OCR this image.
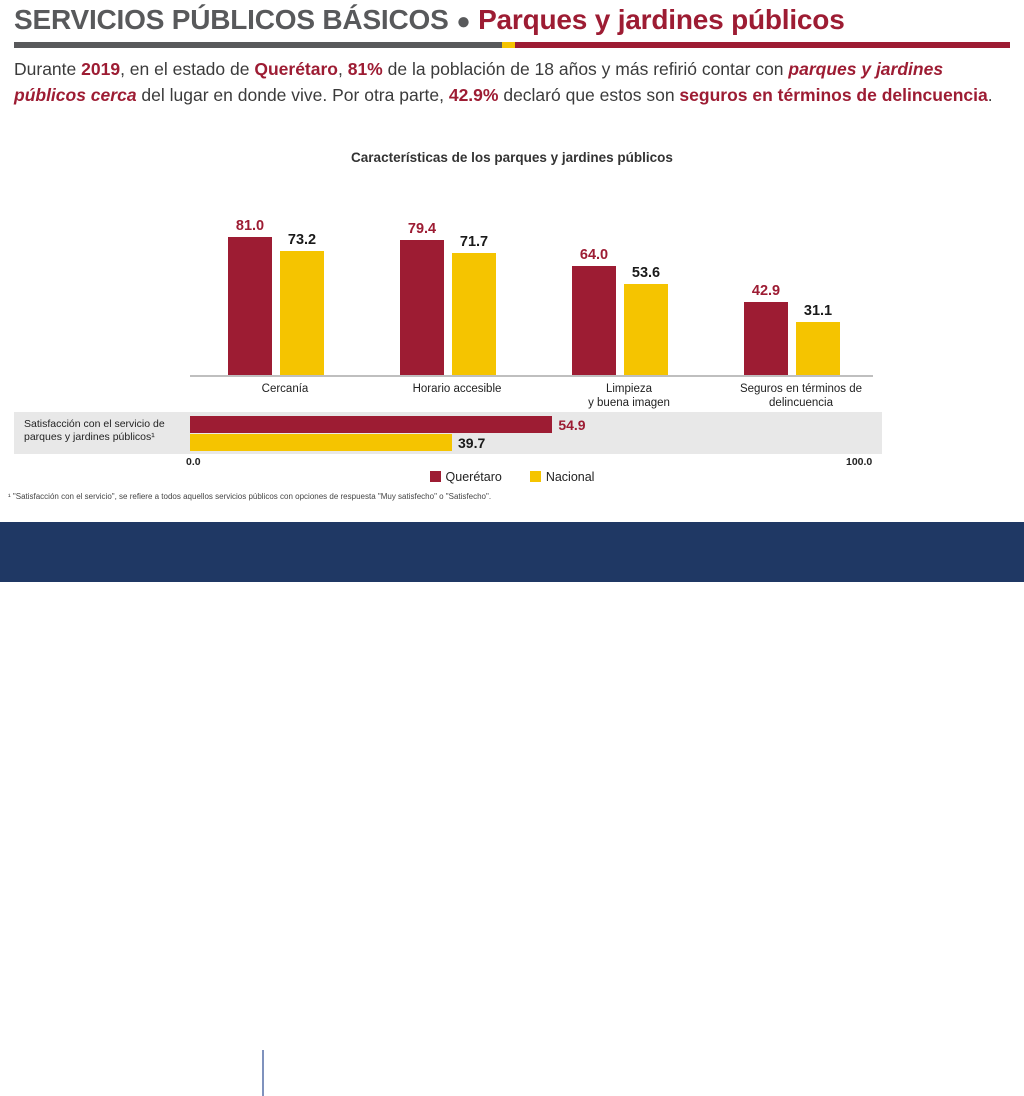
SERVICIOS PÚBLICOS BÁSICOS ● Parques y jardines públicos
Durante 2019, en el estado de Querétaro, 81% de la población de 18 años y más refirió contar con parques y jardines públicos cerca del lugar en donde vive. Por otra parte, 42.9% declaró que estos son seguros en términos de delincuencia.
Características de los parques y jardines públicos
81.0
73.2
79.4
71.7
64.0
53.6
42.9
31.1
Cercanía	Horario accesible	Limpieza
y buena imagen
Seguros en términos de
delincuencia
Satisfacción con el servicio de parques y jardines públicos¹
54.9
39.7
0.0	100.0
Querétaro	Nacional
¹ "Satisfacción con el servicio", se refiere a todos aquellos servicios públicos con opciones de respuesta "Muy satisfecho" o "Satisfecho".
INEGI	ENCIG 2019
11
